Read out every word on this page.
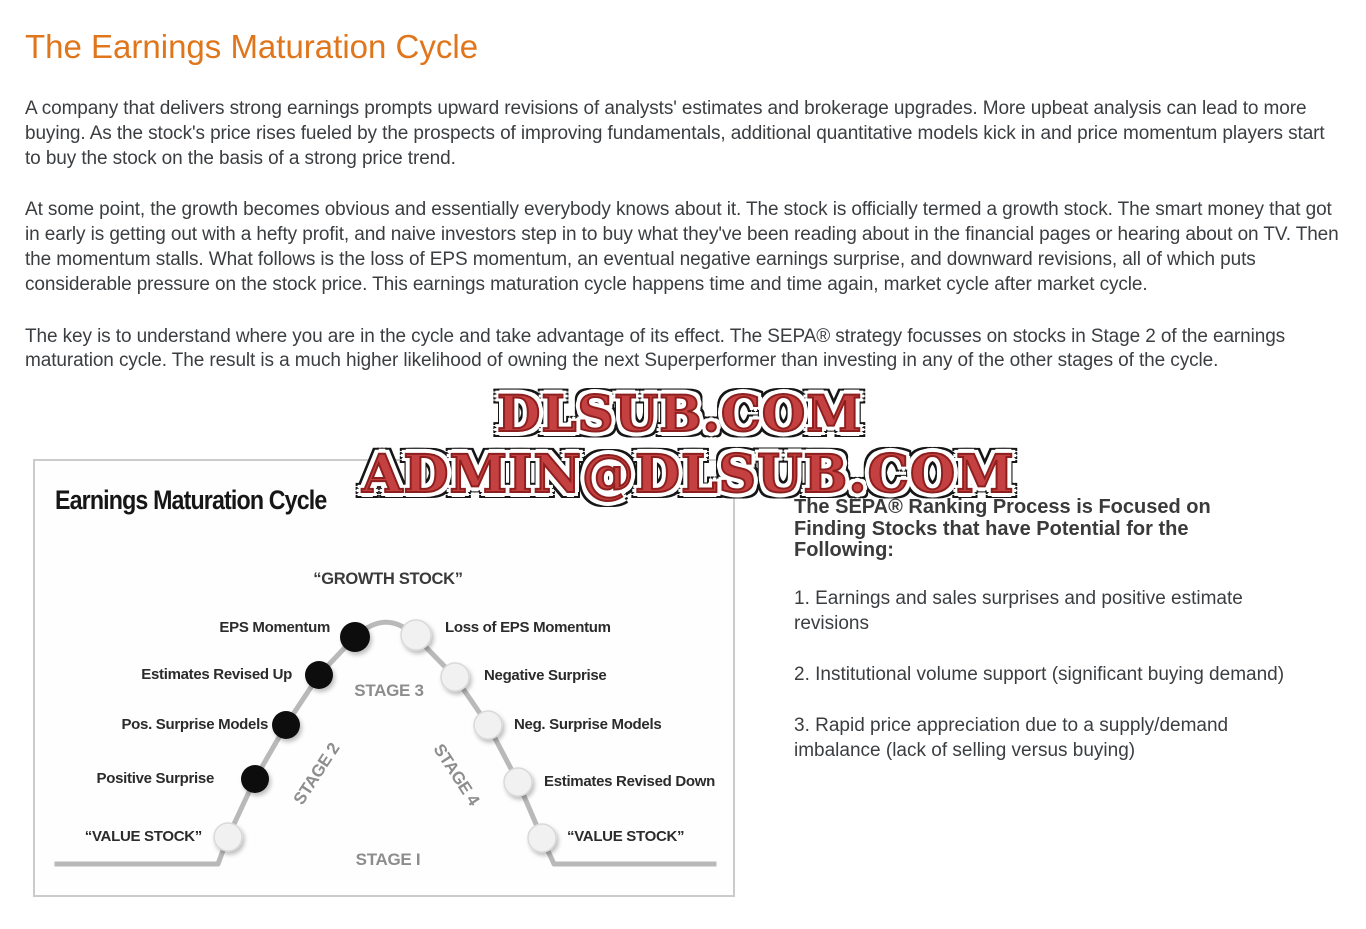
The Earnings Maturation Cycle

A company that delivers strong earnings prompts upward revisions of analysts' estimates and brokerage upgrades. More upbeat analysis can lead to more buying. As the stock's price rises fueled by the prospects of improving fundamentals, additional quantitative models kick in and price momentum players start to buy the stock on the basis of a strong price trend.

At some point, the growth becomes obvious and essentially everybody knows about it. The stock is officially termed a growth stock. The smart money that got in early is getting out with a hefty profit, and naive investors step in to buy what they've been reading about in the financial pages or hearing about on TV. Then the momentum stalls. What follows is the loss of EPS momentum, an eventual negative earnings surprise, and downward revisions, all of which puts considerable pressure on the stock price. This earnings maturation cycle happens time and time again, market cycle after market cycle.

The key is to understand where you are in the cycle and take advantage of its effect. The SEPA® strategy focusses on stocks in Stage 2 of the earnings maturation cycle. The result is a much higher likelihood of owning the next Superperformer than investing in any of the other stages of the cycle.

DLSUB.COM
ADMIN@DLSUB.COM
Earnings Maturation Cycle
“GROWTH STOCK”
EPS Momentum	Loss of EPS Momentum
Estimates Revised Up	Negative Surprise
Pos. Surprise Models	Neg. Surprise Models
Positive Surprise	Estimates Revised Down
“VALUE STOCK”	“VALUE STOCK”
STAGE 2
STAGE 3
STAGE 4
STAGE I
The SEPA® Ranking Process is Focused on Finding Stocks that have Potential for the Following:

1. Earnings and sales surprises and positive estimate revisions

2. Institutional volume support (significant buying demand)

3. Rapid price appreciation due to a supply/demand imbalance (lack of selling versus buying)
